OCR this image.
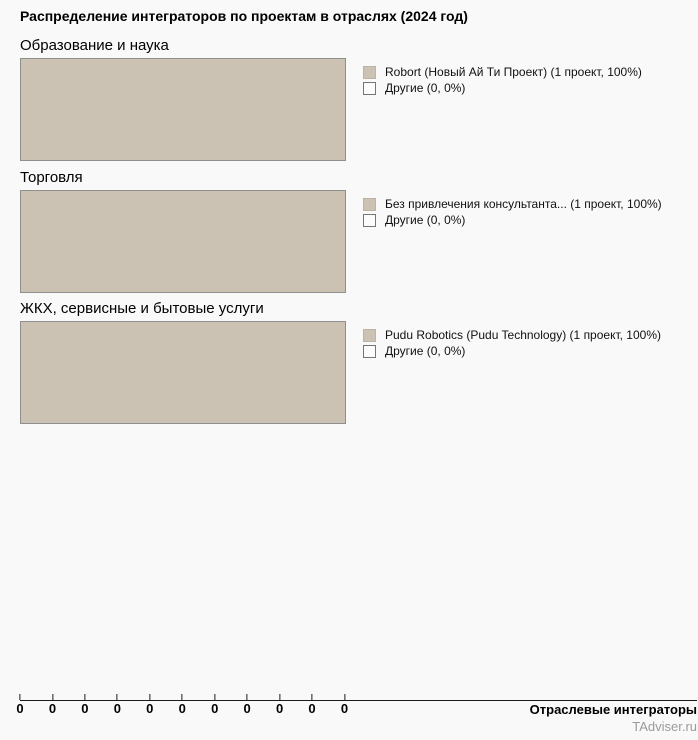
Распределение интеграторов по проектам в отраслях (2024 год)
Образование и наука
Robort (Новый Ай Ти Проект) (1 проект, 100%)
Другие (0, 0%)
Торговля
Без привлечения консультанта... (1 проект, 100%)
Другие (0, 0%)
ЖКХ, сервисные и бытовые услуги
Pudu Robotics (Pudu Technology) (1 проект, 100%)
Другие (0, 0%)
0 0 0 0 0 0 0 0 0 0 0	Отраслевые интеграторы
TAdviser.ru
